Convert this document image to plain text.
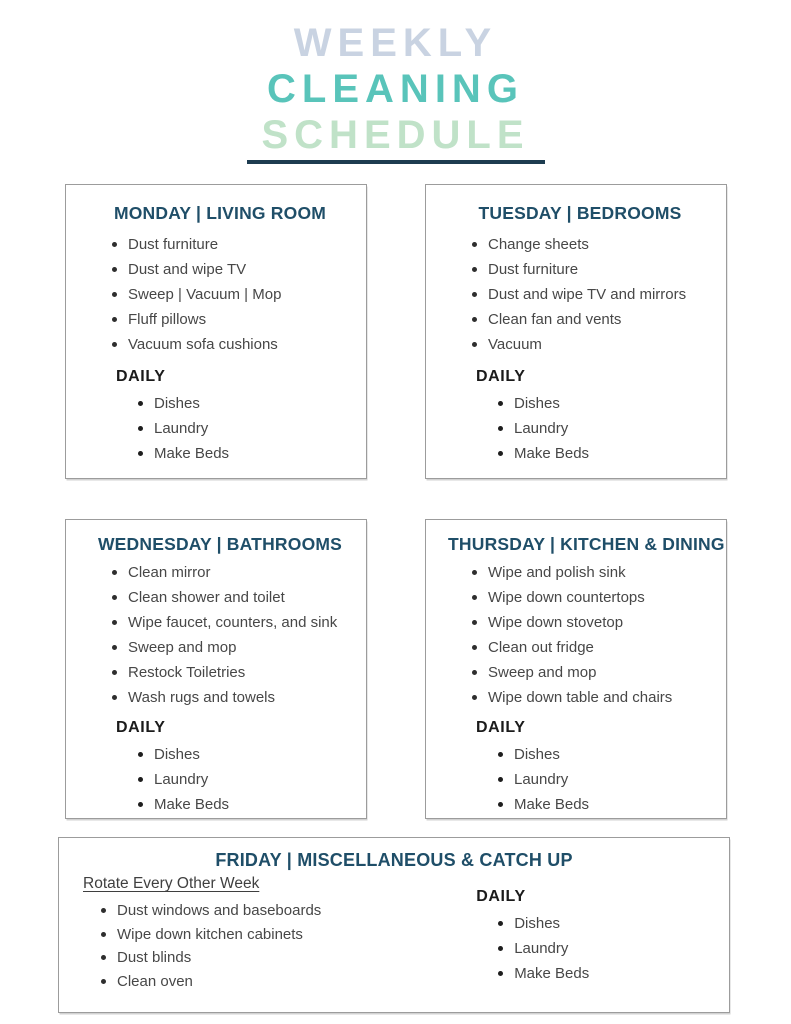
WEEKLY
CLEANING
SCHEDULE
MONDAY | LIVING ROOM
Dust furniture
Dust and wipe TV
Sweep | Vacuum | Mop
Fluff pillows
Vacuum sofa cushions
DAILY
Dishes
Laundry
Make Beds
TUESDAY | BEDROOMS
Change sheets
Dust furniture
Dust and wipe TV and mirrors
Clean fan and vents
Vacuum
DAILY
Dishes
Laundry
Make Beds
WEDNESDAY | BATHROOMS
Clean mirror
Clean shower and toilet
Wipe faucet, counters, and sink
Sweep and mop
Restock Toiletries
Wash rugs and towels
DAILY
Dishes
Laundry
Make Beds
THURSDAY | KITCHEN & DINING
Wipe and polish sink
Wipe down countertops
Wipe down stovetop
Clean out fridge
Sweep and mop
Wipe down table and chairs
DAILY
Dishes
Laundry
Make Beds
FRIDAY | MISCELLANEOUS & CATCH UP
Rotate Every Other Week
Dust windows and baseboards
Wipe down kitchen cabinets
Dust blinds
Clean oven
DAILY
Dishes
Laundry
Make Beds
